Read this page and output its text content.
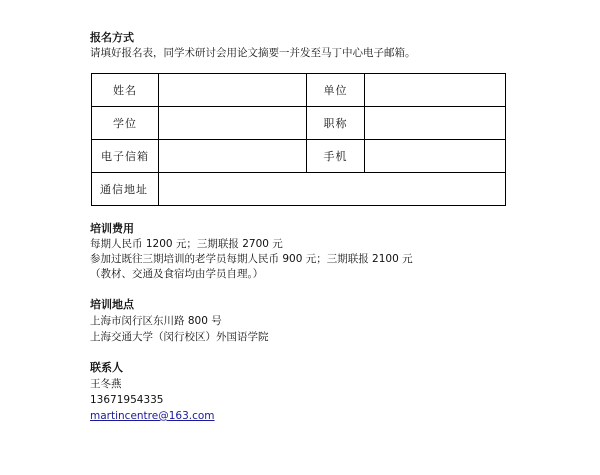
报名方式
请填好报名表，同学术研讨会用论文摘要一并发至马丁中心电子邮箱。
姓名		单位	
学位		职称	
电子信箱		手机	
通信地址			
培训费用
每期人民币 1200 元；三期联报 2700 元
参加过既往三期培训的老学员每期人民币 900 元；三期联报 2100 元
（教材、交通及食宿均由学员自理。）
培训地点
上海市闵行区东川路 800 号
上海交通大学（闵行校区）外国语学院
联系人
王冬燕
13671954335
martincentre@163.com
